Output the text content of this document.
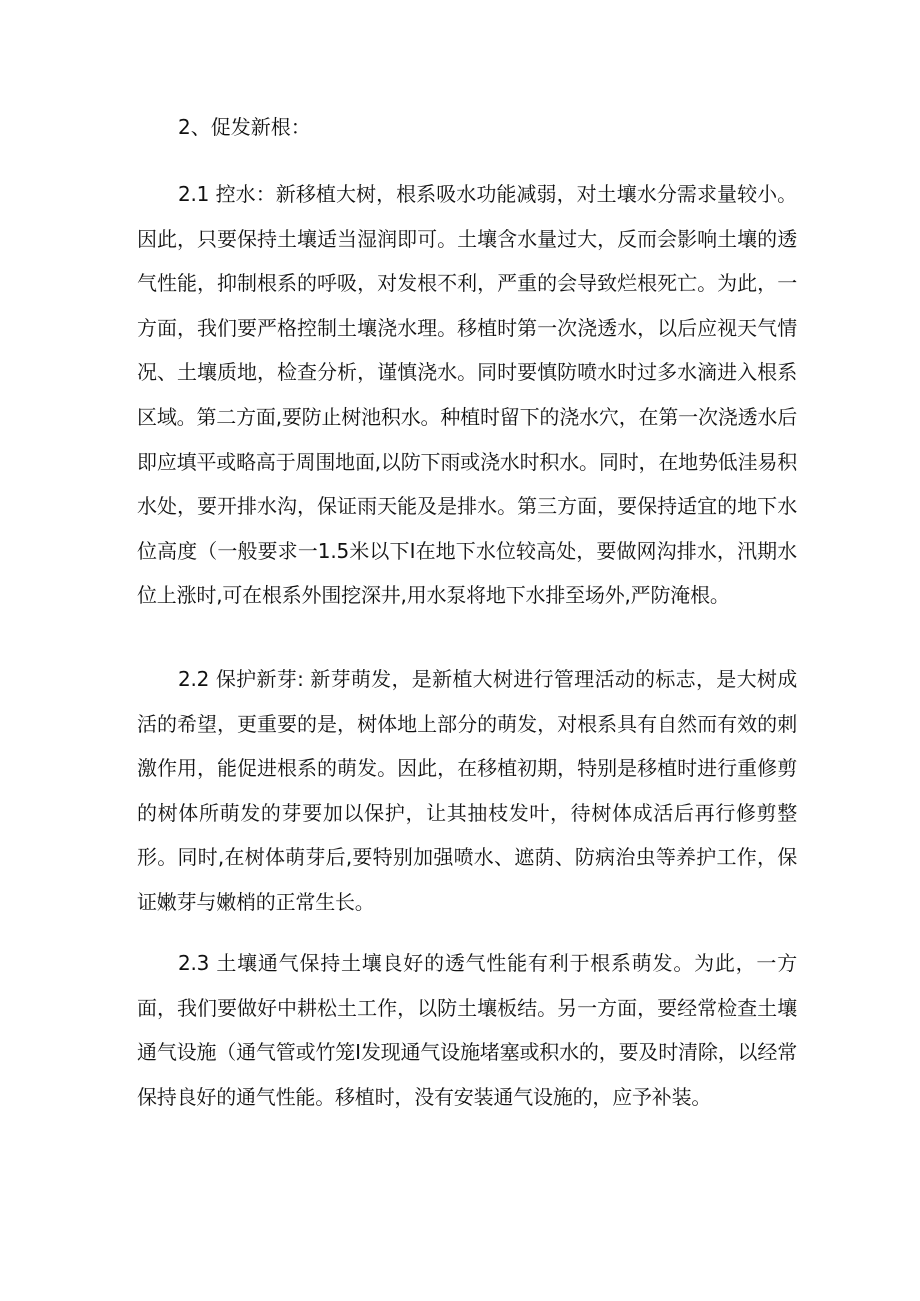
2、促发新根：

2.1 控水：新移植大树，根系吸水功能减弱，对土壤水分需求量较小。因此，只要保持土壤适当湿润即可。土壤含水量过大，反而会影响土壤的透气性能，抑制根系的呼吸，对发根不利，严重的会导致烂根死亡。为此，一方面，我们要严格控制土壤浇水理。移植时第一次浇透水，以后应视天气情况、土壤质地，检查分析，谨慎浇水。同时要慎防喷水时过多水滴进入根系区域。第二方面,要防止树池积水。种植时留下的浇水穴，在第一次浇透水后即应填平或略高于周围地面,以防下雨或浇水时积水。同时，在地势低洼易积水处，要开排水沟，保证雨天能及是排水。第三方面，要保持适宜的地下水位高度（一般要求一1.5米以下I在地下水位较高处，要做网沟排水，汛期水位上涨时,可在根系外围挖深井,用水泵将地下水排至场外,严防淹根。

2.2 保护新芽: 新芽萌发，是新植大树进行管理活动的标志，是大树成活的希望，更重要的是，树体地上部分的萌发，对根系具有自然而有效的刺激作用，能促进根系的萌发。因此，在移植初期，特别是移植时进行重修剪的树体所萌发的芽要加以保护，让其抽枝发叶，待树体成活后再行修剪整形。同时,在树体萌芽后,要特别加强喷水、遮荫、防病治虫等养护工作，保证嫩芽与嫩梢的正常生长。

2.3 土壤通气保持土壤良好的透气性能有利于根系萌发。为此，一方面，我们要做好中耕松土工作，以防土壤板结。另一方面，要经常检查土壤通气设施（通气管或竹笼I发现通气设施堵塞或积水的，要及时清除，以经常保持良好的通气性能。移植时，没有安装通气设施的，应予补装。
